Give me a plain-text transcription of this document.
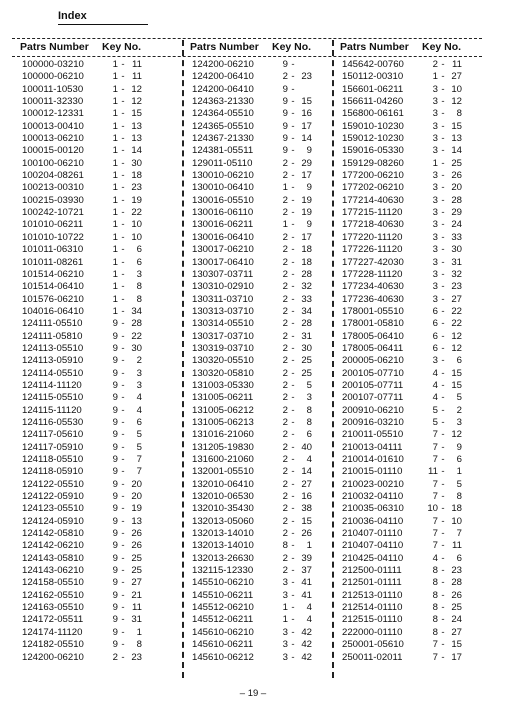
Index
Patrs Number Key No.
100000-03210	1 - 11
100000-06210	1 - 11
100011-10530	1 - 12
100011-32330	1 - 12
100012-12331	1 - 15
100013-00410	1 - 13
100013-06210	1 - 13
100015-00120	1 - 14
100100-06210	1 - 30
100204-08261	1 - 18
100213-00310	1 - 23
100215-03930	1 - 19
100242-10721	1 - 22
101010-06211	1 - 10
101010-10722	1 - 10
101011-06310	1 - 6
101011-08261	1 - 6
101514-06210	1 - 3
101514-06410	1 - 8
101576-06210	1 - 8
104016-06410	1 - 34
124111-05510	9 - 28
124111-05810	9 - 22
124113-05510	9 - 30
124113-05910	9 - 2
124114-05510	9 - 3
124114-11120	9 - 3
124115-05510	9 - 4
124115-11120	9 - 4
124116-05530	9 - 6
124117-05610	9 - 5
124117-05910	9 - 5
124118-05510	9 - 7
124118-05910	9 - 7
124122-05510	9 - 20
124122-05910	9 - 20
124123-05510	9 - 19
124124-05910	9 - 13
124142-05810	9 - 26
124142-06210	9 - 26
124143-05810	9 - 25
124143-06210	9 - 25
124158-05510	9 - 27
124162-05510	9 - 21
124163-05510	9 - 11
124172-05511	9 - 31
124174-11120	9 - 1
124182-05510	9 - 8
124200-06210	2 - 23
Patrs Number Key No.
124200-06210	9 -
124200-06410	2 - 23
124200-06410	9 -
124363-21330	9 - 15
124364-05510	9 - 16
124365-05510	9 - 17
124367-21330	9 - 14
124381-05511	9 - 9
129011-05110	2 - 29
130010-06210	2 - 17
130010-06410	1 - 9
130016-05510	2 - 19
130016-06110	2 - 19
130016-06211	1 - 9
130016-06410	2 - 17
130017-06210	2 - 18
130017-06410	2 - 18
130307-03711	2 - 28
130310-02910	2 - 32
130311-03710	2 - 33
130313-03710	2 - 34
130314-05510	2 - 28
130317-03710	2 - 31
130319-03710	2 - 30
130320-05510	2 - 25
130320-05810	2 - 25
131003-05330	2 - 5
131005-06211	2 - 3
131005-06212	2 - 8
131005-06213	2 - 8
131016-21060	2 - 6
131205-19830	2 - 40
131600-21060	2 - 4
132001-05510	2 - 14
132010-06410	2 - 27
132010-06530	2 - 16
132010-35430	2 - 38
132013-05060	2 - 15
132013-14010	2 - 26
132013-14010	8 - 1
132013-26630	2 - 39
132115-12330	2 - 37
145510-06210	3 - 41
145510-06211	3 - 41
145512-06210	1 - 4
145512-06211	1 - 4
145610-06210	3 - 42
145610-06211	3 - 42
145610-06212	3 - 42
Patrs Number Key No.
145642-00760	2 - 11
150112-00310	1 - 27
156601-06211	3 - 10
156611-04260	3 - 12
156800-06161	3 - 8
159010-10230	3 - 15
159012-10230	3 - 13
159016-05330	3 - 14
159129-08260	1 - 25
177200-06210	3 - 26
177202-06210	3 - 20
177214-40630	3 - 28
177215-11120	3 - 29
177218-40630	3 - 24
177220-11120	3 - 33
177226-11120	3 - 30
177227-42030	3 - 31
177228-11120	3 - 32
177234-40630	3 - 23
177236-40630	3 - 27
178001-05510	6 - 22
178001-05810	6 - 22
178005-06410	6 - 12
178005-06411	6 - 12
200005-06210	3 - 6
200105-07710	4 - 15
200105-07711	4 - 15
200107-07711	4 - 5
200910-06210	5 - 2
200916-03210	5 - 3
210011-05510	7 - 12
210013-04111	7 - 9
210014-01610	7 - 6
210015-01110	11 - 1
210023-00210	7 - 5
210032-04110	7 - 8
210035-06310	10 - 18
210036-04110	7 - 10
210407-01110	7 - 7
210407-04110	7 - 11
210425-04110	4 - 6
212500-01111	8 - 23
212501-01111	8 - 28
212513-01110	8 - 26
212514-01110	8 - 25
212515-01110	8 - 24
222000-01110	8 - 27
250001-05610	7 - 15
250011-02011	7 - 17
– 19 –
